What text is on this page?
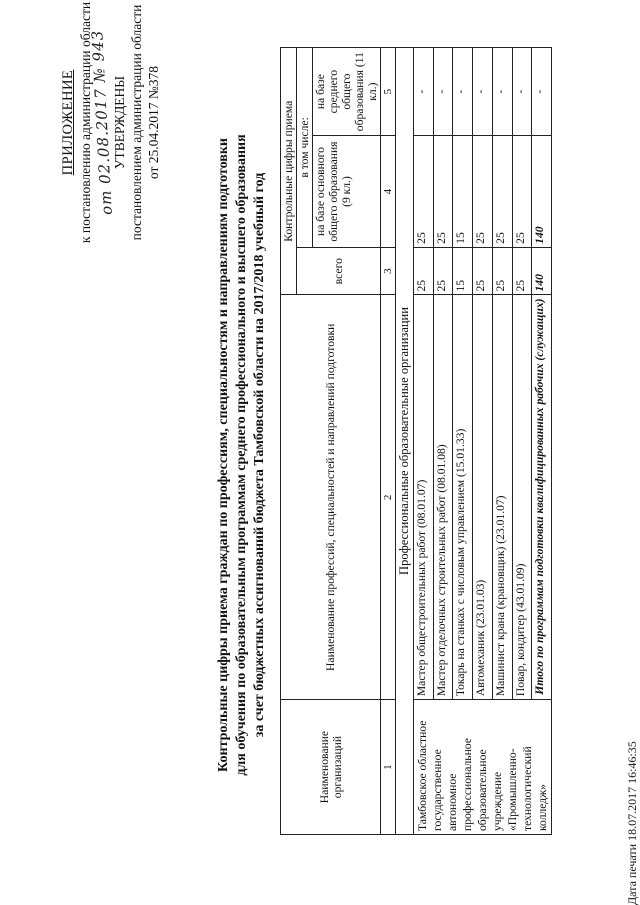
ПРИЛОЖЕНИЕ к постановлению администрации области
от 02.08.2017 № 943
УТВЕРЖДЕНЫ постановлением администрации области от 25.04.2017 №378
Контрольные цифры приема граждан по профессиям, специальностям и направлениям подготовки для обучения по образовательным программам среднего профессионального и высшего образования за счет бюджетных ассигнований бюджета Тамбовской области на 2017/2018 учебный год
Наименование организаций	Наименование профессий, специальностей и направлений подготовки	Контрольные цифры приема		
		всего	в том числе:	
			на базе основного общего образования (9 кл.)	на базе среднего общего образования (11 кл.)
1	2	3	4	5
Профессиональные образовательные организации				
Тамбовское областное государственное автономное профессиональное образовательное учреждение «Промышленно-технологический колледж»	Мастер общестроительных работ (08.01.07)	25	25	-
	Мастер отделочных строительных работ (08.01.08)	25	25	-
	Токарь на станках с числовым управлением (15.01.33)	15	15	-
	Автомеханик (23.01.03)	25	25	-
	Машинист крана (крановщик) (23.01.07)	25	25	-
	Повар, кондитер (43.01.09)	25	25	-
	Итого по программам подготовки квалифицированных рабочих (служащих)	140	140	-
Дата печати 18.07.2017 16:46:35
